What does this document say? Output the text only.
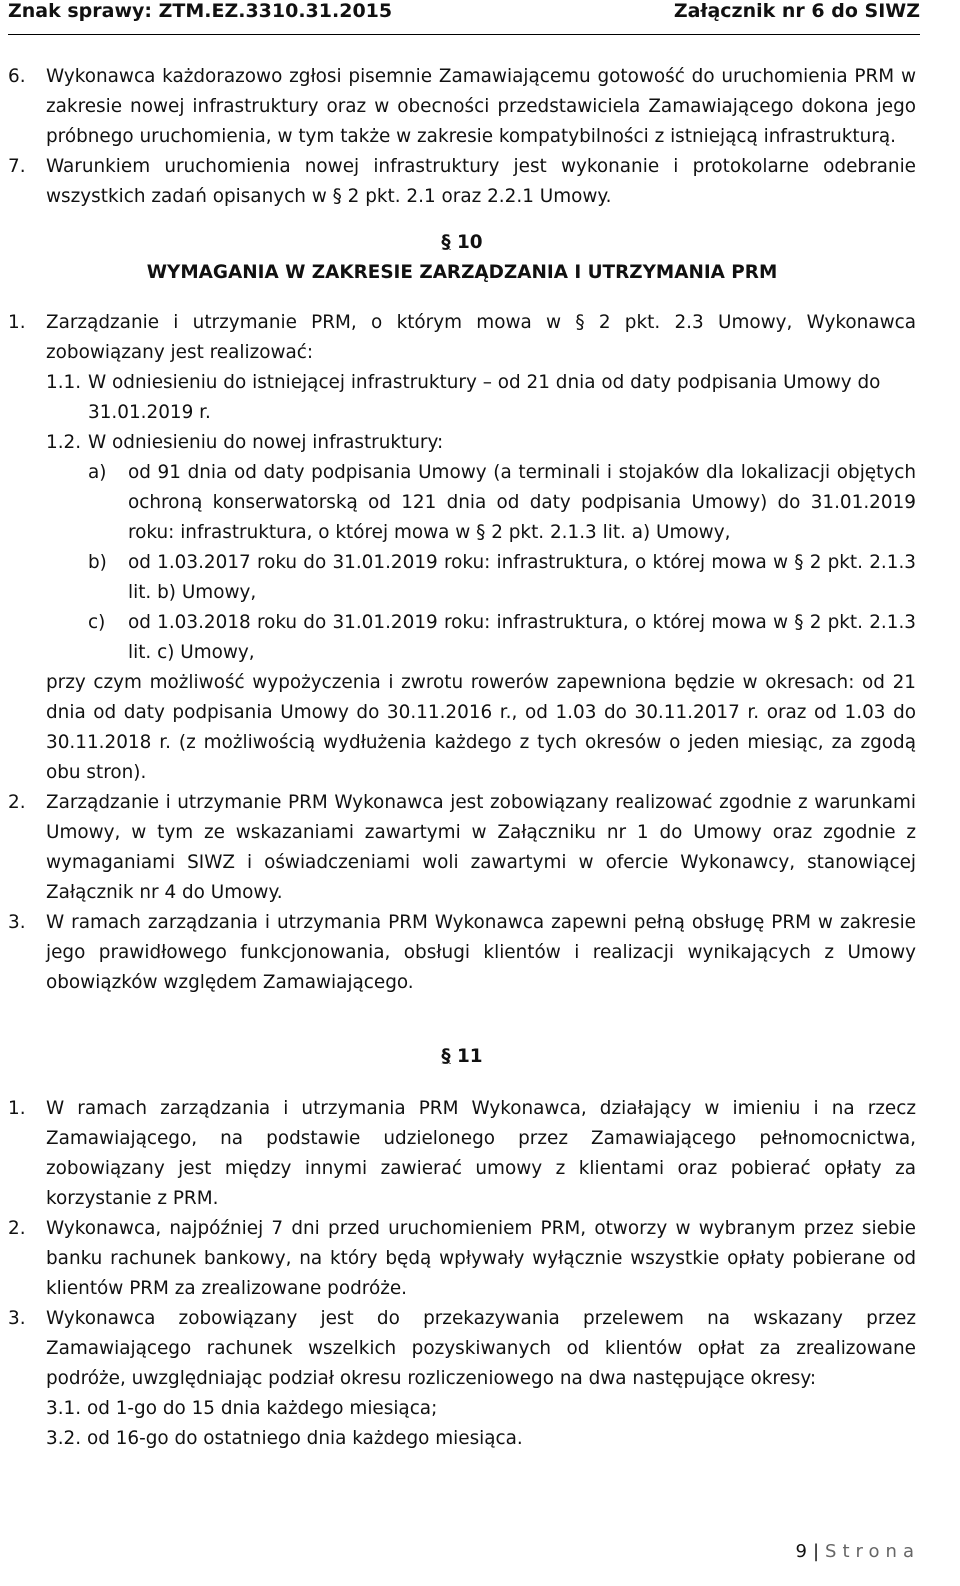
Znak sprawy: ZTM.EZ.3310.31.2015	Załącznik nr 6 do SIWZ
6. Wykonawca każdorazowo zgłosi pisemnie Zamawiającemu gotowość do uruchomienia PRM w zakresie nowej infrastruktury oraz w obecności przedstawiciela Zamawiającego dokona jego próbnego uruchomienia, w tym także w zakresie kompatybilności z istniejącą infrastrukturą.
7. Warunkiem uruchomienia nowej infrastruktury jest wykonanie i protokolarne odebranie wszystkich zadań opisanych w § 2 pkt. 2.1 oraz 2.2.1 Umowy.
§ 10
WYMAGANIA W ZAKRESIE ZARZĄDZANIA I UTRZYMANIA PRM
1. Zarządzanie i utrzymanie PRM, o którym mowa w § 2 pkt. 2.3 Umowy, Wykonawca zobowiązany jest realizować:
1.1. W odniesieniu do istniejącej infrastruktury – od 21 dnia od daty podpisania Umowy do 31.01.2019 r.
1.2. W odniesieniu do nowej infrastruktury:
a) od 91 dnia od daty podpisania Umowy (a terminali i stojaków dla lokalizacji objętych ochroną konserwatorską od 121 dnia od daty podpisania Umowy) do 31.01.2019 roku: infrastruktura, o której mowa w § 2 pkt. 2.1.3 lit. a) Umowy,
b) od 1.03.2017 roku do 31.01.2019 roku: infrastruktura, o której mowa w § 2 pkt. 2.1.3 lit. b) Umowy,
c) od 1.03.2018 roku do 31.01.2019 roku: infrastruktura, o której mowa w § 2 pkt. 2.1.3 lit. c) Umowy,
przy czym możliwość wypożyczenia i zwrotu rowerów zapewniona będzie w okresach: od 21 dnia od daty podpisania Umowy do 30.11.2016 r., od 1.03 do 30.11.2017 r. oraz od 1.03 do 30.11.2018 r. (z możliwością wydłużenia każdego z tych okresów o jeden miesiąc, za zgodą obu stron).
2. Zarządzanie i utrzymanie PRM Wykonawca jest zobowiązany realizować zgodnie z warunkami Umowy, w tym ze wskazaniami zawartymi w Załączniku nr 1 do Umowy oraz zgodnie z wymaganiami SIWZ i oświadczeniami woli zawartymi w ofercie Wykonawcy, stanowiącej Załącznik nr 4 do Umowy.
3. W ramach zarządzania i utrzymania PRM Wykonawca zapewni pełną obsługę PRM w zakresie jego prawidłowego funkcjonowania, obsługi klientów i realizacji wynikających z Umowy obowiązków względem Zamawiającego.
§ 11
1. W ramach zarządzania i utrzymania PRM Wykonawca, działający w imieniu i na rzecz Zamawiającego, na podstawie udzielonego przez Zamawiającego pełnomocnictwa, zobowiązany jest między innymi zawierać umowy z klientami oraz pobierać opłaty za korzystanie z PRM.
2. Wykonawca, najpóźniej 7 dni przed uruchomieniem PRM, otworzy w wybranym przez siebie banku rachunek bankowy, na który będą wpływały wyłącznie wszystkie opłaty pobierane od klientów PRM za zrealizowane podróże.
3. Wykonawca zobowiązany jest do przekazywania przelewem na wskazany przez Zamawiającego rachunek wszelkich pozyskiwanych od klientów opłat za zrealizowane podróże, uwzględniając podział okresu rozliczeniowego na dwa następujące okresy:
3.1. od 1-go do 15 dnia każdego miesiąca;
3.2. od 16-go do ostatniego dnia każdego miesiąca.
9 | Strona
